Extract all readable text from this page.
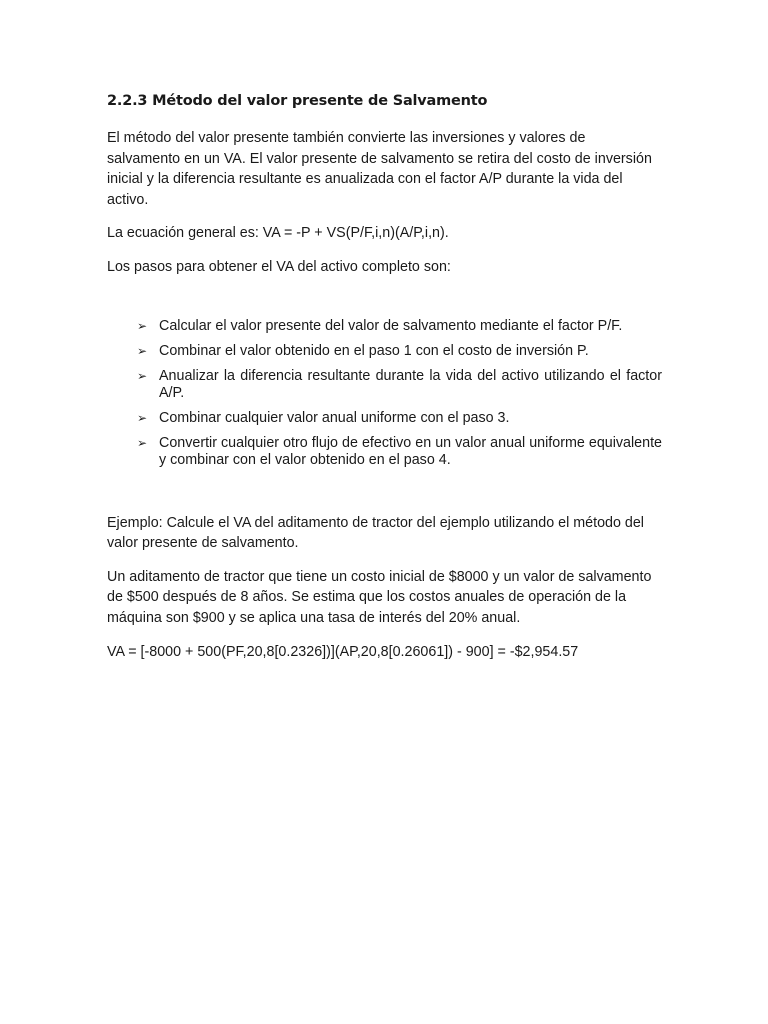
2.2.3 Método del valor presente de Salvamento

El método del valor presente también convierte las inversiones y valores de salvamento en un VA. El valor presente de salvamento se retira del costo de inversión inicial y la diferencia resultante es anualizada con el factor A/P durante la vida del activo.

La ecuación general es: VA = -P + VS(P/F,i,n)(A/P,i,n).

Los pasos para obtener el VA del activo completo son:

➢ Calcular el valor presente del valor de salvamento mediante el factor P/F.
➢ Combinar el valor obtenido en el paso 1 con el costo de inversión P.
➢ Anualizar la diferencia resultante durante la vida del activo utilizando el factor A/P.
➢ Combinar cualquier valor anual uniforme con el paso 3.
➢ Convertir cualquier otro flujo de efectivo en un valor anual uniforme equivalente y combinar con el valor obtenido en el paso 4.

Ejemplo: Calcule el VA del aditamento de tractor del ejemplo utilizando el método del valor presente de salvamento.

Un aditamento de tractor que tiene un costo inicial de $8000 y un valor de salvamento de $500 después de 8 años. Se estima que los costos anuales de operación de la máquina son $900 y se aplica una tasa de interés del 20% anual.

VA = [-8000 + 500(PF,20,8[0.2326])](AP,20,8[0.26061]) - 900] = -$2,954.57
